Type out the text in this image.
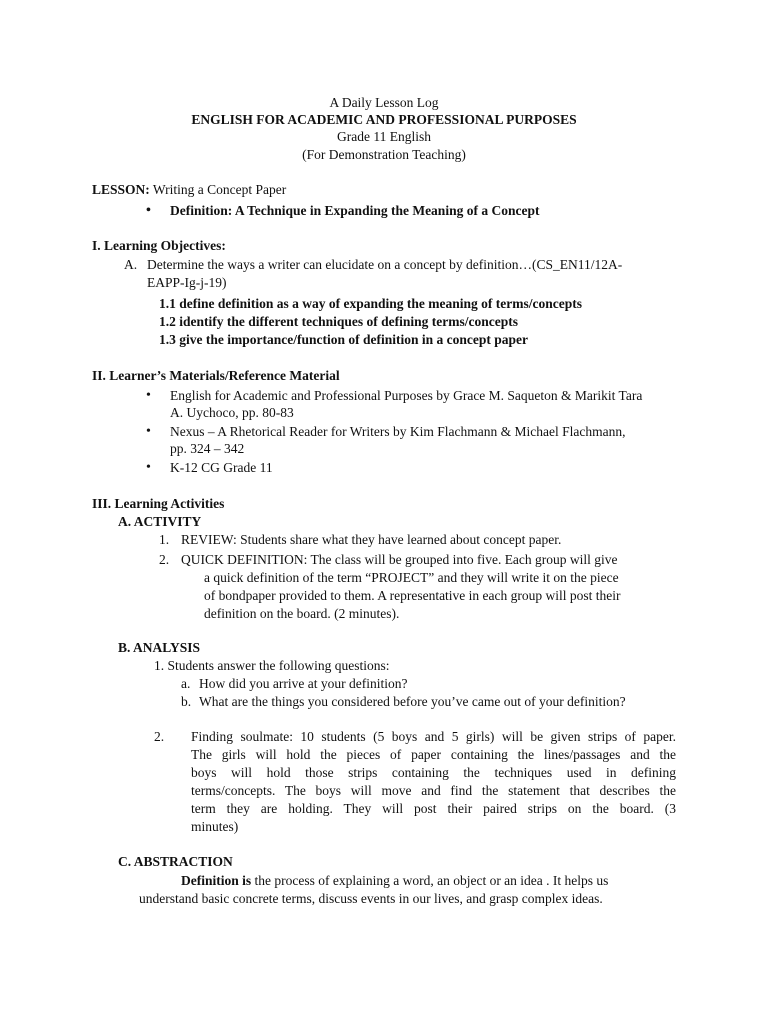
A Daily Lesson Log
ENGLISH FOR ACADEMIC AND PROFESSIONAL PURPOSES
Grade 11 English
(For Demonstration Teaching)
LESSON: Writing a Concept Paper
• Definition: A Technique in Expanding the Meaning of a Concept
I. Learning Objectives:
A. Determine the ways a writer can elucidate on a concept by definition…(CS_EN11/12A-
EAPP-Ig-j-19)
1.1 define definition as a way of expanding the meaning of terms/concepts
1.2 identify the different techniques of defining terms/concepts
1.3 give the importance/function of definition in a concept paper
II. Learner’s Materials/Reference Material
• English for Academic and Professional Purposes by Grace M. Saqueton & Marikit Tara
A. Uychoco, pp. 80-83
• Nexus – A Rhetorical Reader for Writers by Kim Flachmann & Michael Flachmann,
pp. 324 – 342
• K-12 CG Grade 11
III. Learning Activities
A. ACTIVITY
1. REVIEW: Students share what they have learned about concept paper.
2. QUICK DEFINITION: The class will be grouped into five. Each group will give
a quick definition of the term “PROJECT” and they will write it on the piece
of bondpaper provided to them. A representative in each group will post their
definition on the board. (2 minutes).
B. ANALYSIS
1. Students answer the following questions:
a. How did you arrive at your definition?
b. What are the things you considered before you’ve came out of your definition?
2. Finding soulmate: 10 students (5 boys and 5 girls) will be given strips of paper.
The girls will hold the pieces of paper containing the lines/passages and the
boys will hold those strips containing the techniques used in defining
terms/concepts. The boys will move and find the statement that describes the
term they are holding. They will post their paired strips on the board. (3
minutes)
C. ABSTRACTION
Definition is the process of explaining a word, an object or an idea . It helps us
understand basic concrete terms, discuss events in our lives, and grasp complex ideas.
